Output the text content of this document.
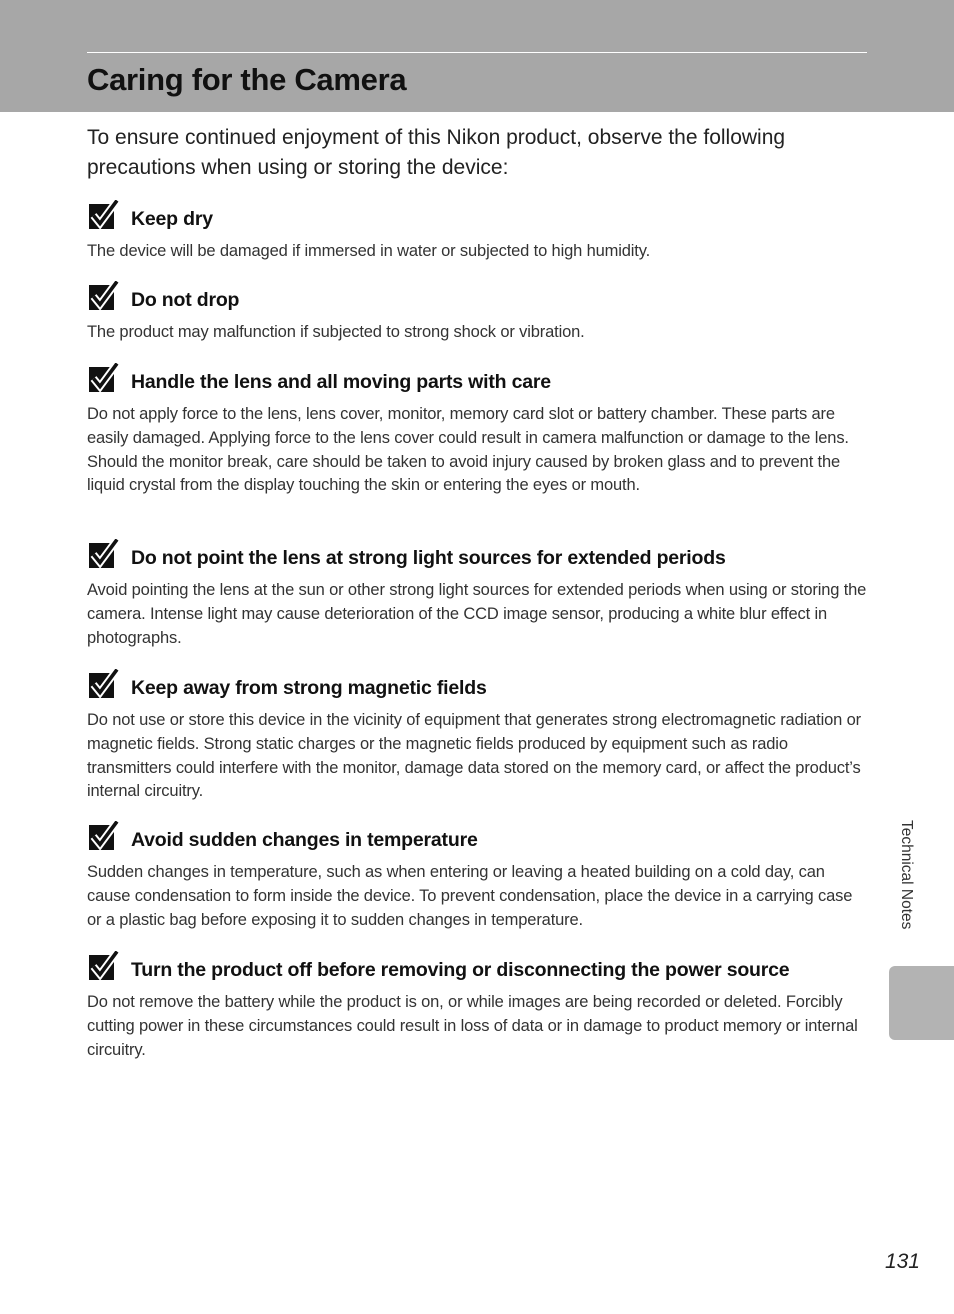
Caring for the Camera

To ensure continued enjoyment of this Nikon product, observe the following precautions when using or storing the device:

Keep dry

The device will be damaged if immersed in water or subjected to high humidity.

Do not drop

The product may malfunction if subjected to strong shock or vibration.

Handle the lens and all moving parts with care

Do not apply force to the lens, lens cover, monitor, memory card slot or battery chamber. These parts are easily damaged. Applying force to the lens cover could result in camera malfunction or damage to the lens. Should the monitor break, care should be taken to avoid injury caused by broken glass and to prevent the liquid crystal from the display touching the skin or entering the eyes or mouth.

Do not point the lens at strong light sources for extended periods

Avoid pointing the lens at the sun or other strong light sources for extended periods when using or storing the camera. Intense light may cause deterioration of the CCD image sensor, producing a white blur effect in photographs.

Keep away from strong magnetic fields

Do not use or store this device in the vicinity of equipment that generates strong electromagnetic radiation or magnetic fields. Strong static charges or the magnetic fields produced by equipment such as radio transmitters could interfere with the monitor, damage data stored on the memory card, or affect the product’s internal circuitry.

Avoid sudden changes in temperature

Sudden changes in temperature, such as when entering or leaving a heated building on a cold day, can cause condensation to form inside the device. To prevent condensation, place the device in a carrying case or a plastic bag before exposing it to sudden changes in temperature.

Turn the product off before removing or disconnecting the power source

Do not remove the battery while the product is on, or while images are being recorded or deleted. Forcibly cutting power in these circumstances could result in loss of data or in damage to product memory or internal circuitry.

Technical Notes
131
